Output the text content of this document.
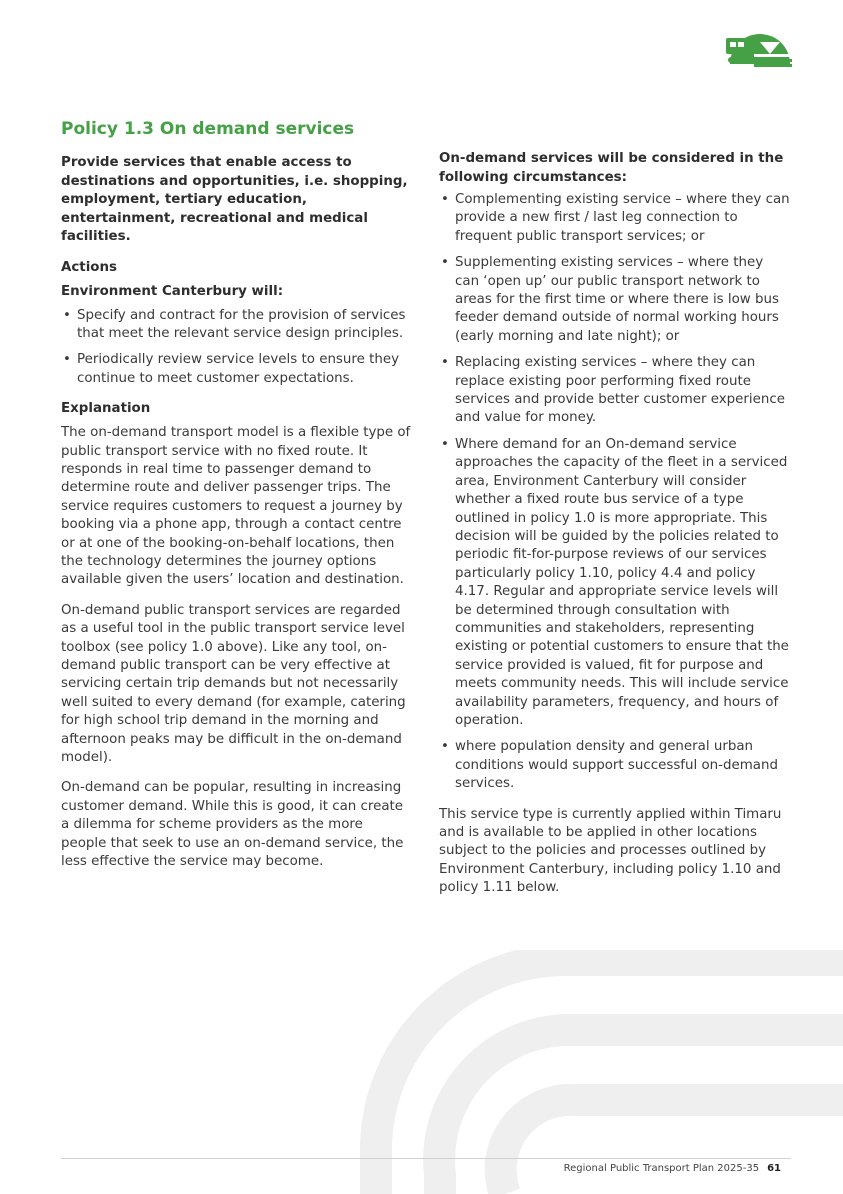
Policy 1.3 On demand services
Provide services that enable access to destinations and opportunities, i.e. shopping, employment, tertiary education, entertainment, recreational and medical facilities.
Actions
Environment Canterbury will:
• Specify and contract for the provision of services that meet the relevant service design principles.
• Periodically review service levels to ensure they continue to meet customer expectations.
Explanation

The on-demand transport model is a flexible type of public transport service with no fixed route. It responds in real time to passenger demand to determine route and deliver passenger trips. The service requires customers to request a journey by booking via a phone app, through a contact centre or at one of the booking-on-behalf locations, then the technology determines the journey options available given the users’ location and destination.

On-demand public transport services are regarded as a useful tool in the public transport service level toolbox (see policy 1.0 above). Like any tool, on-demand public transport can be very effective at servicing certain trip demands but not necessarily well suited to every demand (for example, catering for high school trip demand in the morning and afternoon peaks may be difficult in the on-demand model).

On-demand can be popular, resulting in increasing customer demand. While this is good, it can create a dilemma for scheme providers as the more people that seek to use an on-demand service, the less effective the service may become.

On-demand services will be considered in the following circumstances:
• Complementing existing service – where they can provide a new first / last leg connection to frequent public transport services; or
• Supplementing existing services – where they can ‘open up’ our public transport network to areas for the first time or where there is low bus feeder demand outside of normal working hours (early morning and late night); or
• Replacing existing services – where they can replace existing poor performing fixed route services and provide better customer experience and value for money.
• Where demand for an On-demand service approaches the capacity of the fleet in a serviced area, Environment Canterbury will consider whether a fixed route bus service of a type outlined in policy 1.0 is more appropriate. This decision will be guided by the policies related to periodic fit-for-purpose reviews of our services particularly policy 1.10, policy 4.4 and policy 4.17. Regular and appropriate service levels will be determined through consultation with communities and stakeholders, representing existing or potential customers to ensure that the service provided is valued, fit for purpose and meets community needs. This will include service availability parameters, frequency, and hours of operation.
• where population density and general urban conditions would support successful on-demand services.

This service type is currently applied within Timaru and is available to be applied in other locations subject to the policies and processes outlined by Environment Canterbury, including policy 1.10 and policy 1.11 below.

Regional Public Transport Plan 2025-35 61
